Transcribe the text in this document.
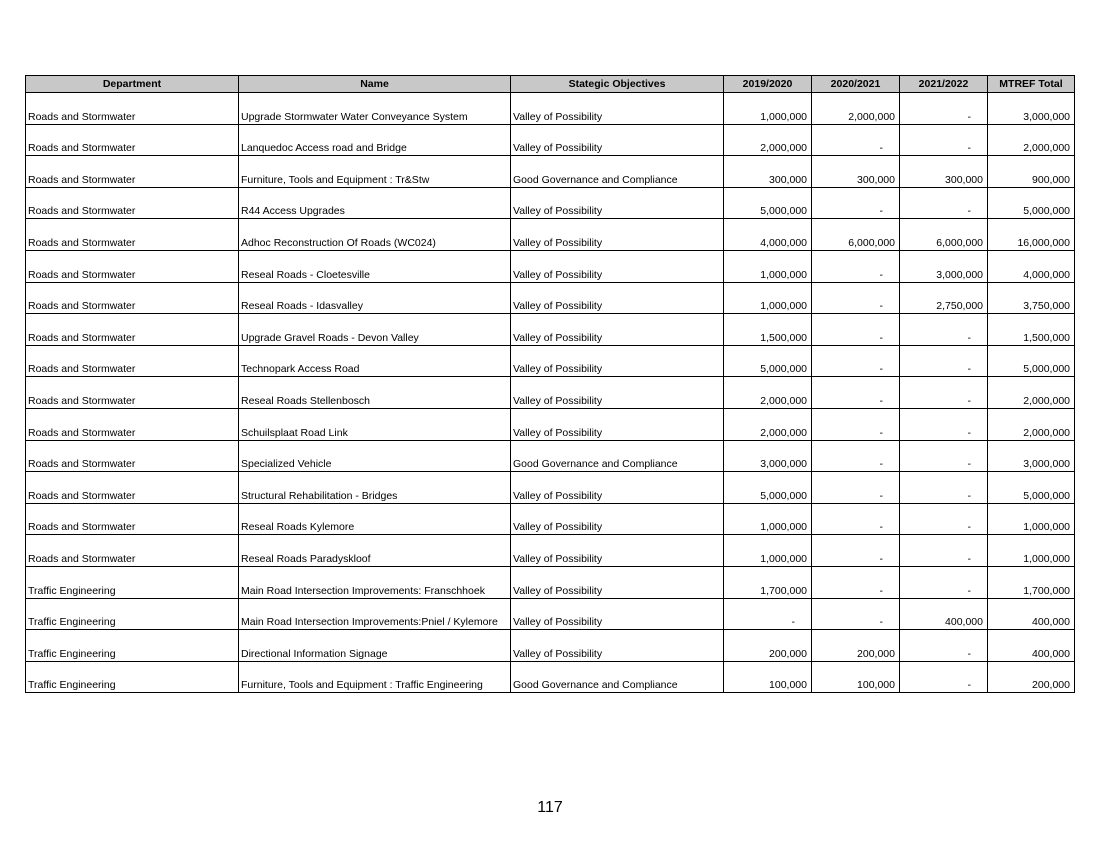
Department	Name	Stategic Objectives	2019/2020	2020/2021	2021/2022	MTREF Total
Roads and Stormwater	Upgrade Stormwater Water Conveyance System	Valley of Possibility	1,000,000	2,000,000	-	3,000,000
Roads and Stormwater	Lanquedoc Access road and Bridge	Valley of Possibility	2,000,000	-	-	2,000,000
Roads and Stormwater	Furniture, Tools and Equipment : Tr&Stw	Good Governance and Compliance	300,000	300,000	300,000	900,000
Roads and Stormwater	R44 Access Upgrades	Valley of Possibility	5,000,000	-	-	5,000,000
Roads and Stormwater	Adhoc Reconstruction Of Roads (WC024)	Valley of Possibility	4,000,000	6,000,000	6,000,000	16,000,000
Roads and Stormwater	Reseal Roads - Cloetesville	Valley of Possibility	1,000,000	-	3,000,000	4,000,000
Roads and Stormwater	Reseal Roads - Idasvalley	Valley of Possibility	1,000,000	-	2,750,000	3,750,000
Roads and Stormwater	Upgrade Gravel Roads - Devon Valley	Valley of Possibility	1,500,000	-	-	1,500,000
Roads and Stormwater	Technopark Access Road	Valley of Possibility	5,000,000	-	-	5,000,000
Roads and Stormwater	Reseal Roads Stellenbosch	Valley of Possibility	2,000,000	-	-	2,000,000
Roads and Stormwater	Schuilsplaat Road Link	Valley of Possibility	2,000,000	-	-	2,000,000
Roads and Stormwater	Specialized Vehicle	Good Governance and Compliance	3,000,000	-	-	3,000,000
Roads and Stormwater	Structural Rehabilitation - Bridges	Valley of Possibility	5,000,000	-	-	5,000,000
Roads and Stormwater	Reseal Roads Kylemore	Valley of Possibility	1,000,000	-	-	1,000,000
Roads and Stormwater	Reseal Roads Paradyskloof	Valley of Possibility	1,000,000	-	-	1,000,000
Traffic Engineering	Main Road Intersection Improvements: Franschhoek	Valley of Possibility	1,700,000	-	-	1,700,000
Traffic Engineering	Main Road Intersection Improvements:Pniel / Kylemore	Valley of Possibility	-	-	400,000	400,000
Traffic Engineering	Directional Information Signage	Valley of Possibility	200,000	200,000	-	400,000
Traffic Engineering	Furniture, Tools and Equipment : Traffic Engineering	Good Governance and Compliance	100,000	100,000	-	200,000
117
